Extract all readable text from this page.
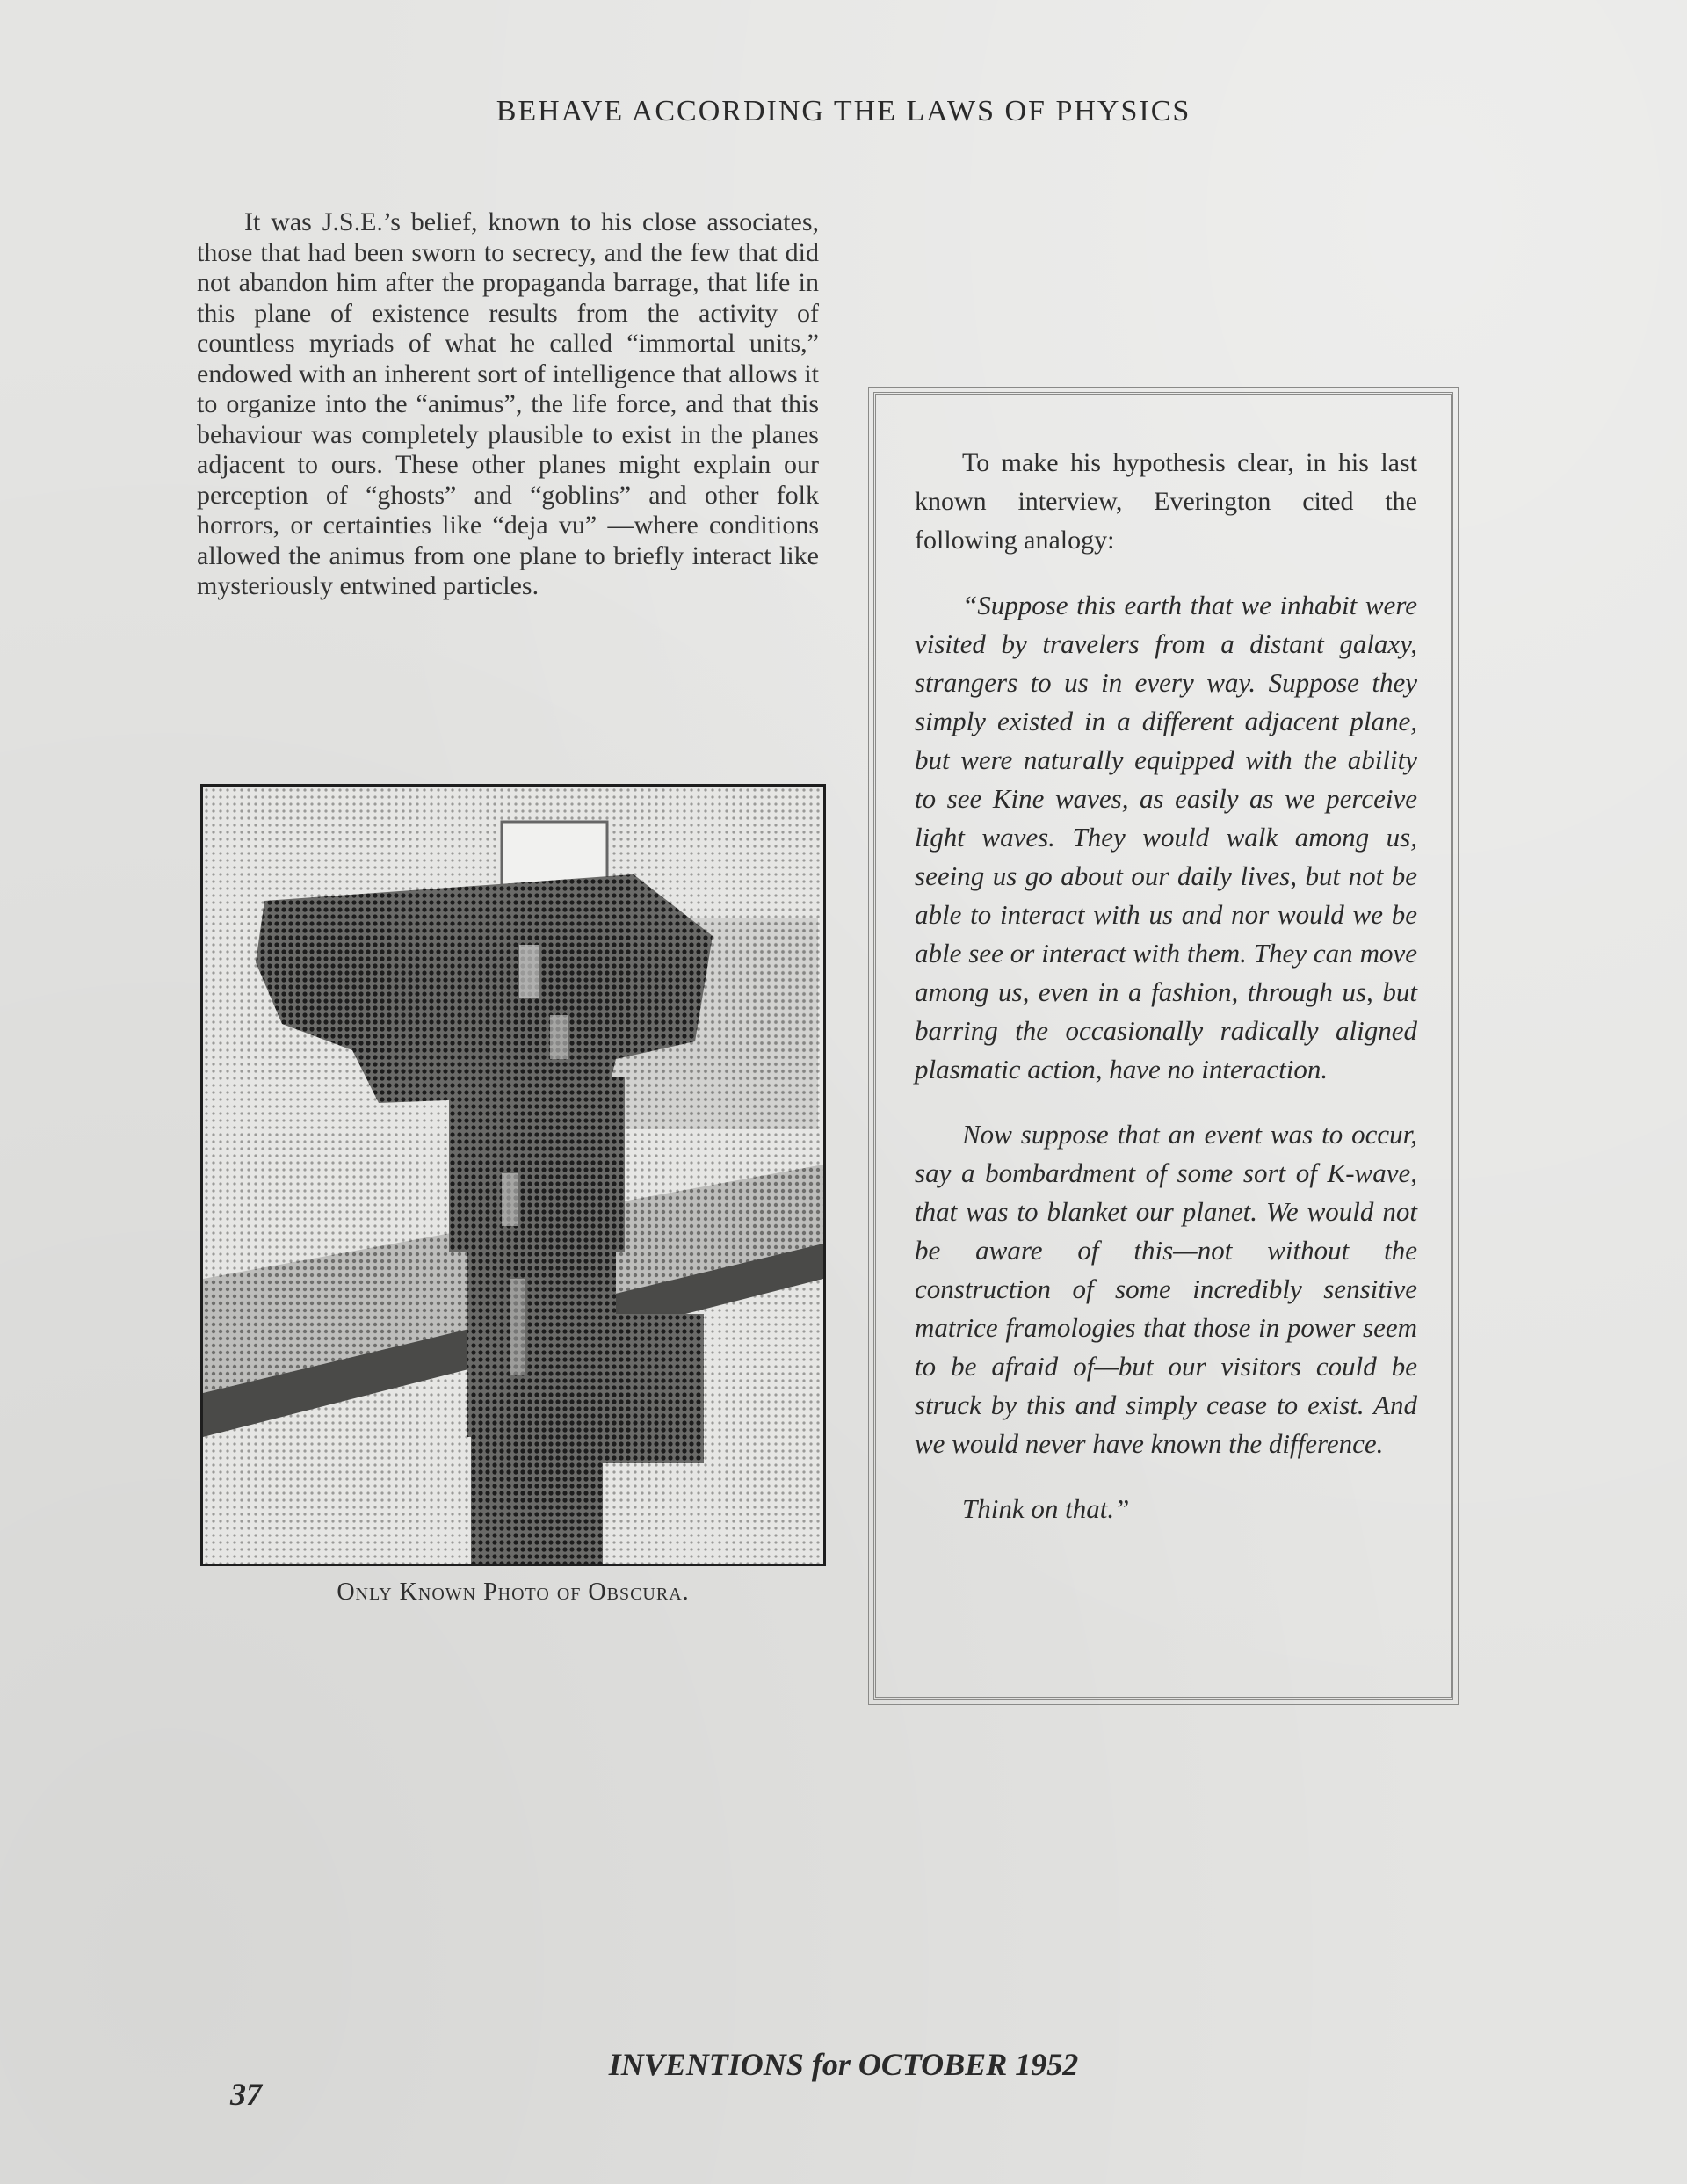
BEHAVE ACCORDING THE LAWS OF PHYSICS

It was J.S.E.’s belief, known to his close associates, those that had been sworn to secrecy, and the few that did not abandon him after the propaganda barrage, that life in this plane of existence results from the activity of countless myriads of what he called “immortal units,” endowed with an inherent sort of intelligence that allows it to organize into the “animus”, the life force, and that this behaviour was completely plausible to exist in the planes adjacent to ours. These other planes might explain our perception of “ghosts” and “goblins” and other folk horrors, or certainties like “deja vu” —where conditions allowed the animus from one plane to briefly interact like mysteriously entwined particles.

Only Known Photo of Obscura.

To make his hypothesis clear, in his last known interview, Everington cited the following analogy:

“Suppose this earth that we inhabit were visited by travelers from a distant galaxy, strangers to us in every way. Suppose they simply existed in a different adjacent plane, but were naturally equipped with the ability to see Kine waves, as easily as we perceive light waves. They would walk among us, seeing us go about our daily lives, but not be able to interact with us and nor would we be able see or interact with them. They can move among us, even in a fashion, through us, but barring the occasionally radically aligned plasmatic action, have no interaction.

Now suppose that an event was to occur, say a bombardment of some sort of K-wave, that was to blanket our planet. We would not be aware of this—not without the construction of some incredibly sensitive matrice framologies that those in power seem to be afraid of—but our visitors could be struck by this and simply cease to exist. And we would never have known the difference.

Think on that.”

INVENTIONS for OCTOBER 1952
37
